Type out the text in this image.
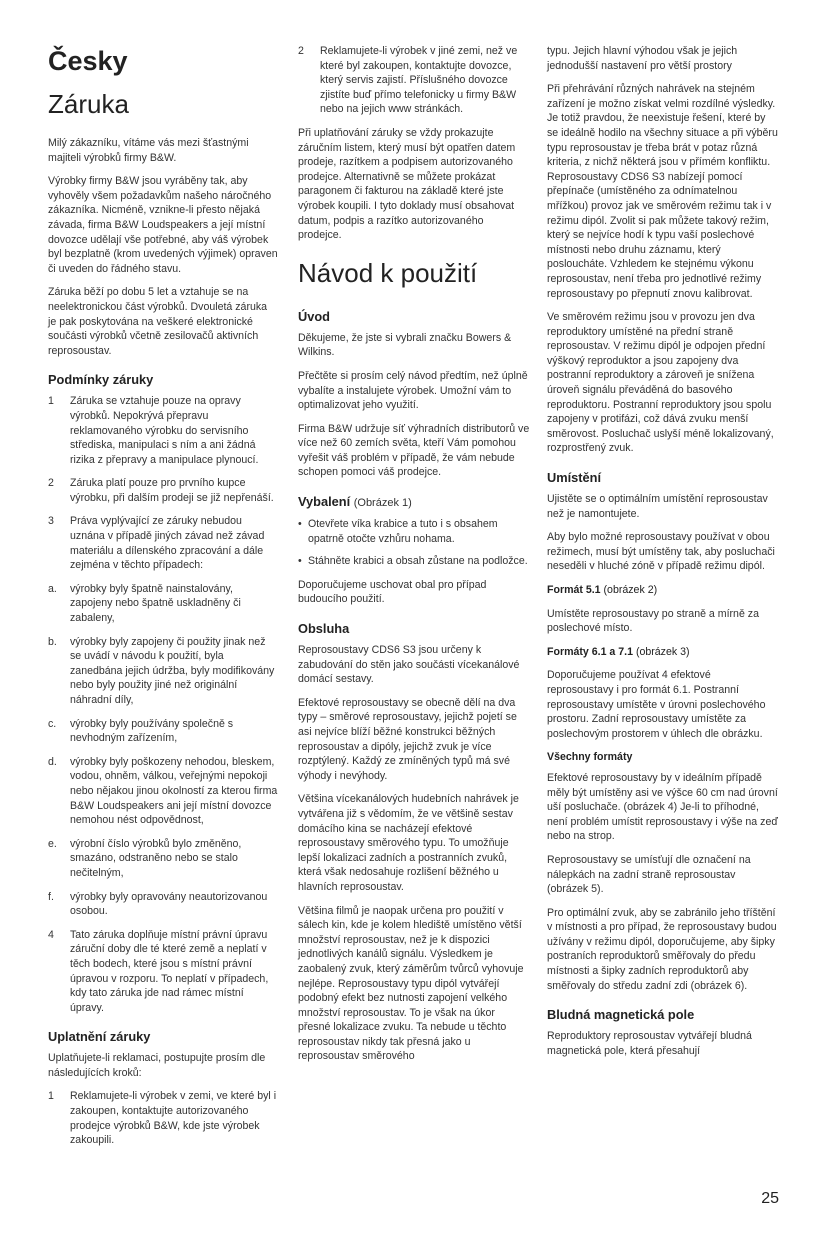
Česky
Záruka

Milý zákazníku, vítáme vás mezi šťastnými majiteli výrobků firmy B&W.

Výrobky firmy B&W jsou vyráběny tak, aby vyhověly všem požadavkům našeho náročného zákazníka. Nicméně, vznikne-li přesto nějaká závada, firma B&W Loudspeakers a její místní dovozce udělají vše potřebné, aby váš výrobek byl bezplatně (krom uvedených výjimek) opraven či uveden do řádného stavu.

Záruka běží po dobu 5 let a vztahuje se na neelektronickou část výrobků. Dvouletá záruka je pak poskytována na veškeré elektronické součásti výrobků včetně zesilovačů aktivních reprosoustav.

Podmínky záruky
1	Záruka se vztahuje pouze na opravy výrobků. Nepokrývá přepravu reklamovaného výrobku do servisního střediska, manipulaci s ním a ani žádná rizika z přepravy a manipulace plynoucí.
2	Záruka platí pouze pro prvního kupce výrobku, při dalším prodeji se již nepřenáší.
3	Práva vyplývající ze záruky nebudou uznána v případě jiných závad než závad materiálu a dílenského zpracování a dále zejména v těchto případech:
a.	výrobky byly špatně nainstalovány, zapojeny nebo špatně uskladněny či zabaleny,
b.	výrobky byly zapojeny či použity jinak než se uvádí v návodu k použití, byla zanedbána jejich údržba, byly modifikovány nebo byly použity jiné než originální náhradní díly,
c.	výrobky byly používány společně s nevhodným zařízením,
d.	výrobky byly poškozeny nehodou, bleskem, vodou, ohněm, válkou, veřejnými nepokoji nebo nějakou jinou okolností za kterou firma B&W Loudspeakers ani její místní dovozce nemohou nést odpovědnost,
e.	výrobní číslo výrobků bylo změněno, smazáno, odstraněno nebo se stalo nečitelným,
f.	výrobky byly opravovány neautorizovanou osobou.
4	Tato záruka doplňuje místní právní úpravu záruční doby dle té které země a neplatí v těch bodech, které jsou s místní právní úpravou v rozporu. To neplatí v případech, kdy tato záruka jde nad rámec místní úpravy.
Uplatnění záruky

Uplatňujete-li reklamaci, postupujte prosím dle následujících kroků:

1	Reklamujete-li výrobek v zemi, ve které byl i zakoupen, kontaktujte autorizovaného prodejce výrobků B&W, kde jste výrobek zakoupili.
2	Reklamujete-li výrobek v jiné zemi, než ve které byl zakoupen, kontaktujte dovozce, který servis zajistí. Příslušného dovozce zjistíte buď přímo telefonicky u firmy B&W nebo na jejich www stránkách.

Při uplatňování záruky se vždy prokazujte záručním listem, který musí být opatřen datem prodeje, razítkem a podpisem autorizovaného prodejce. Alternativně se můžete prokázat paragonem či fakturou na základě které jste výrobek koupili. I tyto doklady musí obsahovat datum, podpis a razítko autorizovaného prodejce.

Návod k použití
Úvod

Děkujeme, že jste si vybrali značku Bowers & Wilkins.

Přečtěte si prosím celý návod předtím, než úplně vybalíte a instalujete výrobek. Umožní vám to optimalizovat jeho využití.

Firma B&W udržuje síť výhradních distributorů ve více než 60 zemích světa, kteří Vám pomohou vyřešit váš problém v případě, že vám nebude schopen pomoci váš prodejce.

Vybalení (Obrázek 1)
• Otevřete víka krabice a tuto i s obsahem opatrně otočte vzhůru nohama.
• Stáhněte krabici a obsah zůstane na podložce.

Doporučujeme uschovat obal pro případ budoucího použití.

Obsluha

Reprosoustavy CDS6 S3 jsou určeny k zabudování do stěn jako součásti vícekanálové domácí sestavy.

Efektové reprosoustavy se obecně dělí na dva typy – směrové reprosoustavy, jejichž pojetí se asi nejvíce blíží běžné konstrukci běžných reprosoustav a dipóly, jejichž zvuk je více rozptýlený. Každý ze zmíněných typů má své výhody i nevýhody.

Většina vícekanálových hudebních nahrávek je vytvářena již s vědomím, že ve většině sestav domácího kina se nacházejí efektové reprosoustavy směrového typu. To umožňuje lepší lokalizaci zadních a postranních zvuků, která však nedosahuje rozlišení běžného u hlavních reprosoustav.

Většina filmů je naopak určena pro použití v sálech kin, kde je kolem hlediště umístěno větší množství reprosoustav, než je k dispozici jednotlivých kanálů signálu. Výsledkem je zaobalený zvuk, který záměrům tvůrců vyhovuje nejlépe. Reprosoustavy typu dipól vytvářejí podobný efekt bez nutnosti zapojení velkého množství reprosoustav. To je však na úkor přesné lokalizace zvuku. Ta nebude u těchto reprosoustav nikdy tak přesná jako u reprosoustav směrového

typu. Jejich hlavní výhodou však je jejich jednodušší nastavení pro větší prostory

Při přehrávání různých nahrávek na stejném zařízení je možno získat velmi rozdílné výsledky. Je totiž pravdou, že neexistuje řešení, které by se ideálně hodilo na všechny situace a při výběru typu reprosoustav je třeba brát v potaz různá kriteria, z nichž některá jsou v přímém konfliktu. Reprosoustavy CDS6 S3 nabízejí pomocí přepínače (umístěného za odnímatelnou mřížkou) provoz jak ve směrovém režimu tak i v režimu dipól. Zvolit si pak můžete takový režim, který se nejvíce hodí k typu vaší poslechové místnosti nebo druhu záznamu, který posloucháte. Vzhledem ke stejnému výkonu reprosoustav, není třeba pro jednotlivé režimy reprosoustavy po přepnutí znovu kalibrovat.

Ve směrovém režimu jsou v provozu jen dva reproduktory umístěné na přední straně reprosoustav. V režimu dipól je odpojen přední výškový reproduktor a jsou zapojeny dva postranní reproduktory a zároveň je snížena úroveň signálu převáděná do basového reproduktoru. Postranní reproduktory jsou spolu zapojeny v protifázi, což dává zvuku menší směrovost. Posluchač uslyší méně lokalizovaný, rozprostřený zvuk.

Umístění

Ujistěte se o optimálním umístění reprosoustav než je namontujete.

Aby bylo možné reprosoustavy používat v obou režimech, musí být umístěny tak, aby posluchači neseděli v hluché zóně v případě režimu dipól.

Formát 5.1 (obrázek 2)

Umístěte reprosoustavy po straně a mírně za poslechové místo.

Formáty 6.1 a 7.1 (obrázek 3)

Doporučujeme používat 4 efektové reprosoustavy i pro formát 6.1. Postranní reprosoustavy umístěte v úrovni poslechového prostoru. Zadní reprosoustavy umístěte za poslechovým prostorem v úhlech dle obrázku.

Všechny formáty

Efektové reprosoustavy by v ideálním případě měly být umístěny asi ve výšce 60 cm nad úrovní uší posluchače. (obrázek 4) Je-li to příhodné, není problém umístit reprosoustavy i výše na zeď nebo na strop.

Reprosoustavy se umísťují dle označení na nálepkách na zadní straně reprosoustav (obrázek 5).

Pro optimální zvuk, aby se zabránilo jeho tříštění v místnosti a pro případ, že reprosoustavy budou užívány v režimu dipól, doporučujeme, aby šipky postraních reproduktorů směřovaly do předu místnosti a šipky zadních reproduktorů aby směřovaly do středu zadní zdi (obrázek 6).

Bludná magnetická pole

Reproduktory reprosoustav vytvářejí bludná magnetická pole, která přesahují

25
